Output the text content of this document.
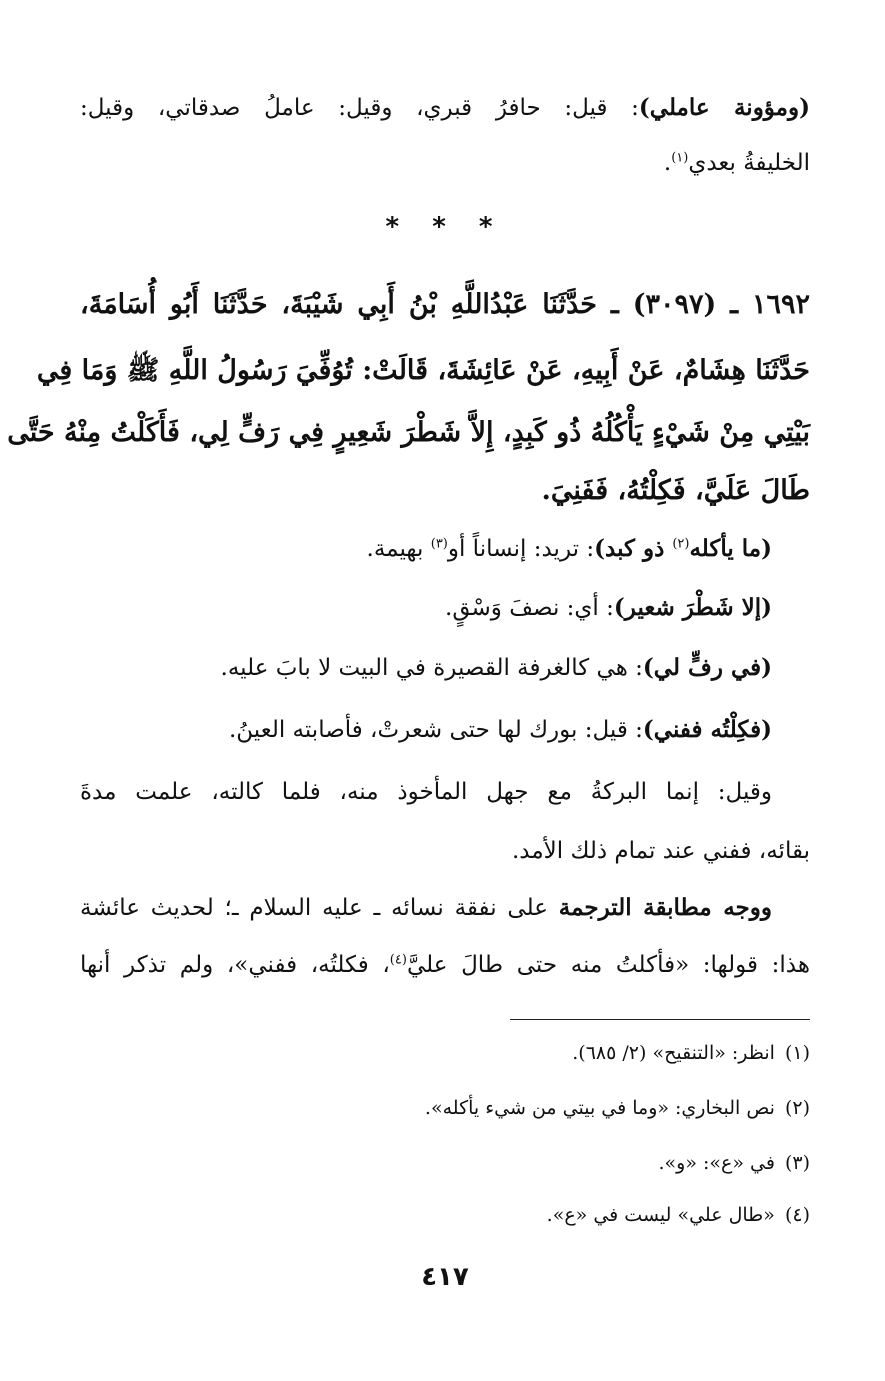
(ومؤونة عاملي): قيل: حافرُ قبري، وقيل: عاملُ صدقاتي، وقيل:
الخليفةُ بعدي$^{(١)}$.
* * *
١٦٩٢ ـ (٣٠٩٧) ـ حَدَّثَنَا عَبْدُاللَّهِ بْنُ أَبِي شَيْبَةَ، حَدَّثَنَا أَبُو أُسَامَةَ،
حَدَّثَنَا هِشَامٌ، عَنْ أَبِيهِ، عَنْ عَائِشَةَ، قَالَتْ: تُوُفِّيَ رَسُولُ اللَّهِ ﷺ وَمَا فِي
بَيْتِي مِنْ شَيْءٍ يَأْكُلُهُ ذُو كَبِدٍ، إِلاَّ شَطْرَ شَعِيرٍ فِي رَفٍّ لِي، فَأَكَلْتُ مِنْهُ حَتَّى
طَالَ عَلَيَّ، فَكِلْتُهُ، فَفَنِيَ.
(ما يأكله$^{(٢)}$ ذو كبد): تريد: إنساناً أو$^{(٣)}$ بهيمة.
(إلا شَطْرَ شعير): أي: نصفَ وَسْقٍ.
(في رفٍّ لي): هي كالغرفة القصيرة في البيت لا بابَ عليه.
(فكِلْتُه ففني): قيل: بورك لها حتى شعرتْ، فأصابته العينُ.
وقيل: إنما البركةُ مع جهل المأخوذ منه، فلما كالته، علمت مدةَ
بقائه، ففني عند تمام ذلك الأمد.
ووجه مطابقة الترجمة على نفقة نسائه ـ عليه السلام ـ؛ لحديث عائشة
هذا: قولها: «فأكلتُ منه حتى طالَ عليَّ$^{(٤)}$، فكلتُه، ففني»، ولم تذكر أنها
(١)انظر: «التنقيح» (٢/ ٦٨٥).
(٢)نص البخاري: «وما في بيتي من شيء يأكله».
(٣)في «ع»: «و».
(٤)«طال علي» ليست في «ع».
٤١٧
